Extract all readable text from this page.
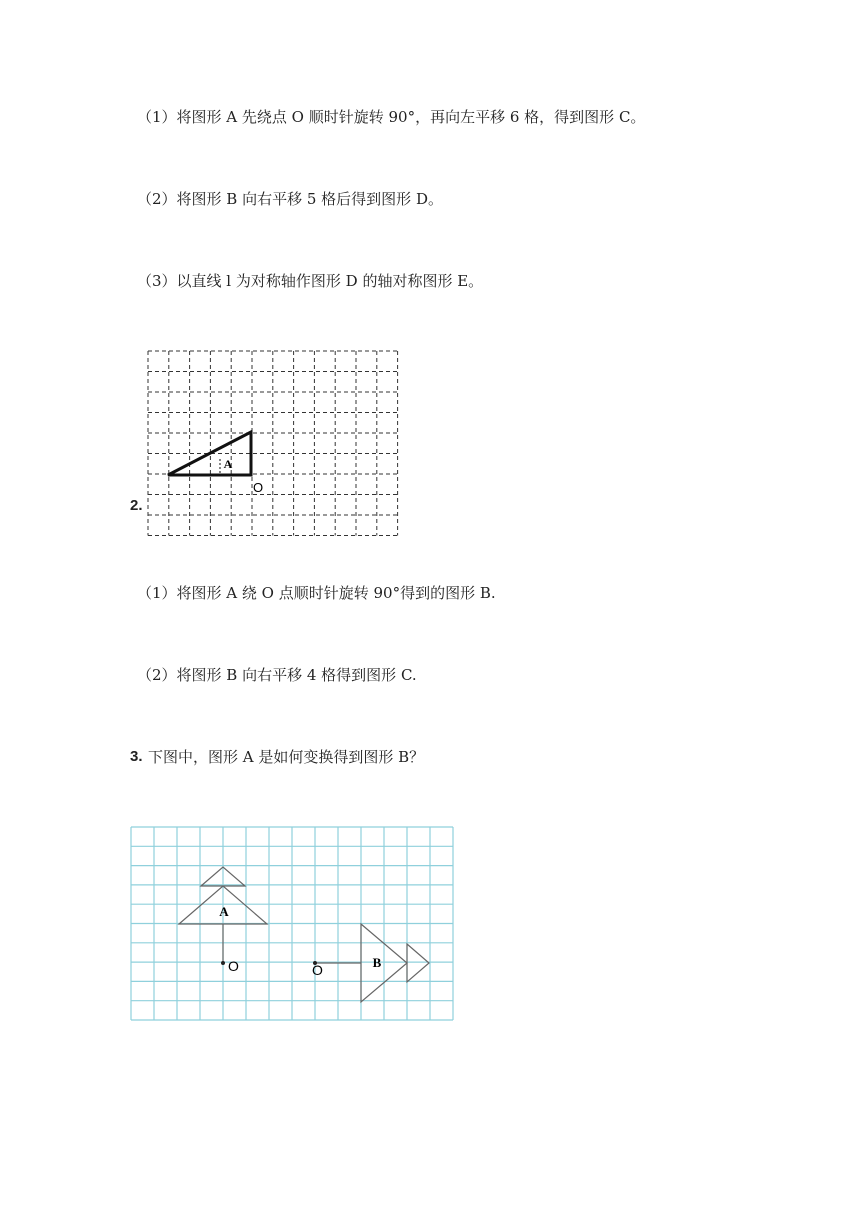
（1）将图形 A 先绕点 O 顺时针旋转 90°，再向左平移 6 格，得到图形 C。
（2）将图形 B 向右平移 5 格后得到图形 D。
（3）以直线 l 为对称轴作图形 D 的轴对称图形 E。
2.
A
O
（1）将图形 A 绕 O 点顺时针旋转 90°得到的图形 B.
（2）将图形 B 向右平移 4 格得到图形 C.
3. 下图中，图形 A 是如何变换得到图形 B？
A
O	B
O
